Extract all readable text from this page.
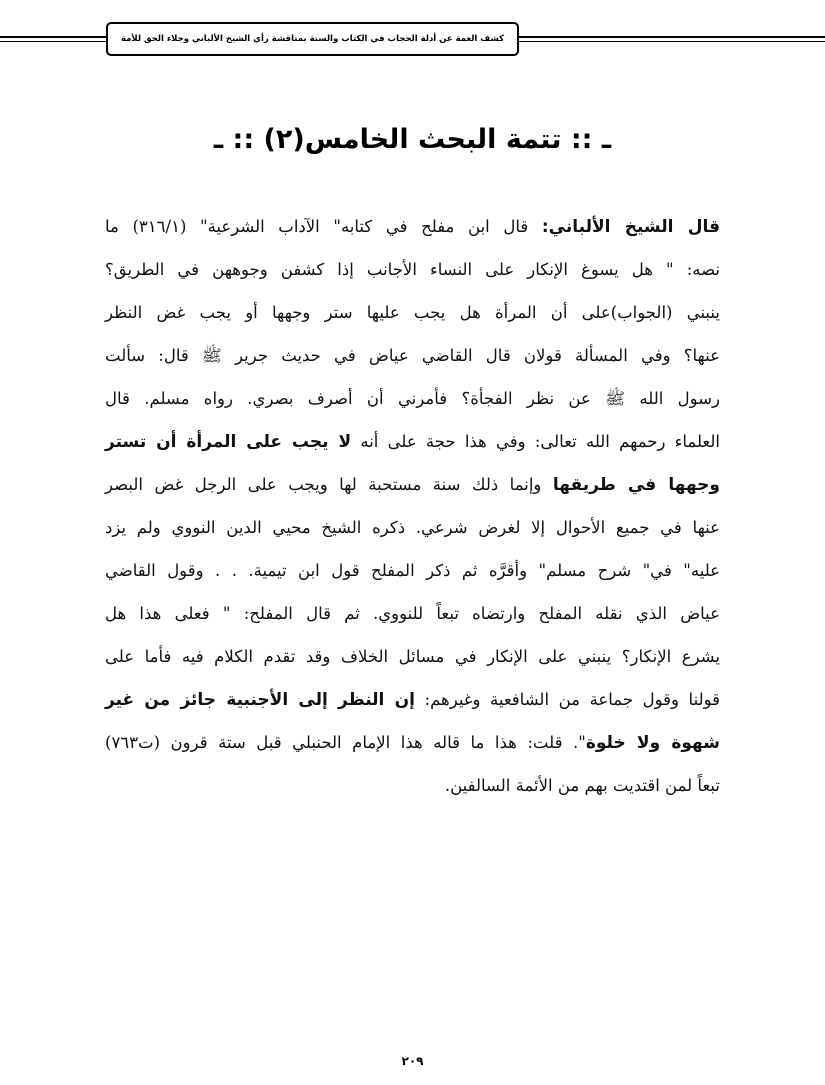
كشف الغمة عن أدلة الحجاب في الكتاب والسنة بمناقشة رأي الشيخ الألباني وجلاء الحق للأمة
ـ :: تتمة البحث الخامس(٢) :: ـ
قال الشيخ الألباني: قال ابن مفلح في كتابه" الآداب الشرعية" (٣١٦/١) ما
نصه: " هل يسوغ الإنكار على النساء الأجانب إذا كشفن وجوههن في الطريق؟
ينبني (الجواب)على أن المرأة هل يجب عليها ستر وجهها أو يجب غض النظر
عنها؟ وفي المسألة قولان قال القاضي عياض في حديث جرير ﷺ قال: سألت
رسول الله ﷺ عن نظر الفجأة؟ فأمرني أن أصرف بصري. رواه مسلم. قال
العلماء رحمهم الله تعالى: وفي هذا حجة على أنه لا يجب على المرأة أن تستر
وجهها في طريقها وإنما ذلك سنة مستحبة لها ويجب على الرجل غض البصر
عنها في جميع الأحوال إلا لغرض شرعي. ذكره الشيخ محيي الدين النووي ولم يزد
عليه" في" شرح مسلم" وأقرَّه ثم ذكر المفلح قول ابن تيمية. . . وقول القاضي
عياض الذي نقله المفلح وارتضاه تبعاً للنووي. ثم قال المفلح: " فعلى هذا هل
يشرع الإنكار؟ ينبني على الإنكار في مسائل الخلاف وقد تقدم الكلام فيه فأما على
قولنا وقول جماعة من الشافعية وغيرهم: إن النظر إلى الأجنبية جائز من غير
شهوة ولا خلوة". قلت: هذا ما قاله هذا الإمام الحنبلي قبل ستة قرون (ت٧٦٣)
تبعاً لمن اقتديت بهم من الأئمة السالفين.
٢٠٩
